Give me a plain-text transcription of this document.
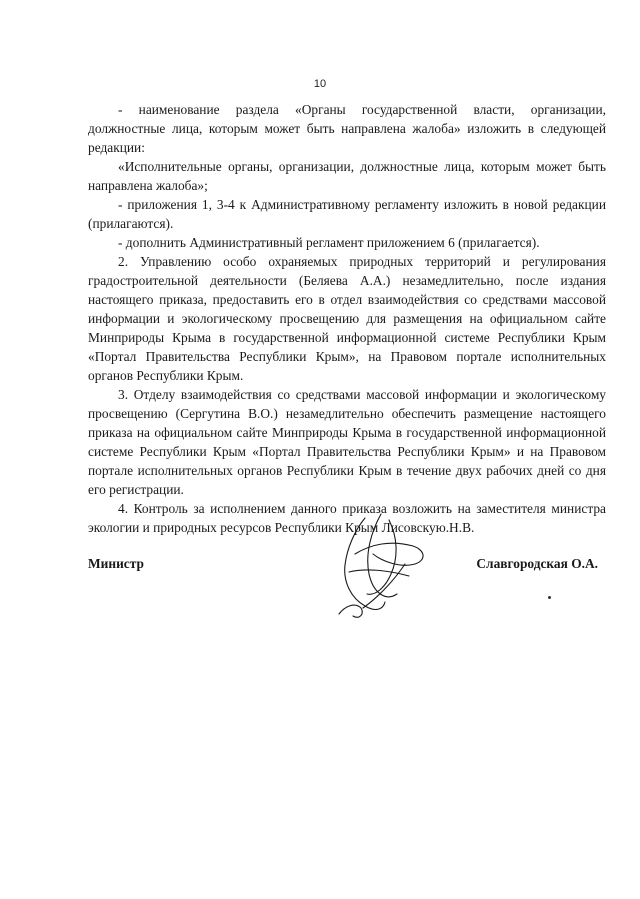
10

- наименование раздела «Органы государственной власти, организации, должностные лица, которым может быть направлена жалоба» изложить в следующей редакции:

«Исполнительные органы, организации, должностные лица, которым может быть направлена жалоба»;

- приложения 1, 3-4 к Административному регламенту изложить в новой редакции (прилагаются).

- дополнить Административный регламент приложением 6 (прилагается).

2. Управлению особо охраняемых природных территорий и регулирования градостроительной деятельности (Беляева А.А.) незамедлительно, после издания настоящего приказа, предоставить его в отдел взаимодействия со средствами массовой информации и экологическому просвещению для размещения на официальном сайте Минприроды Крыма в государственной информационной системе Республики Крым «Портал Правительства Республики Крым», на Правовом портале исполнительных органов Республики Крым.

3. Отделу взаимодействия со средствами массовой информации и экологическому просвещению (Сергутина В.О.) незамедлительно обеспечить размещение настоящего приказа на официальном сайте Минприроды Крыма в государственной информационной системе Республики Крым «Портал Правительства Республики Крым» и на Правовом портале исполнительных органов Республики Крым в течение двух рабочих дней со дня его регистрации.

4. Контроль за исполнением данного приказа возложить на заместителя министра экологии и природных ресурсов Республики Крым Лисовскую.Н.В.

Министр	Славгородская О.А.
